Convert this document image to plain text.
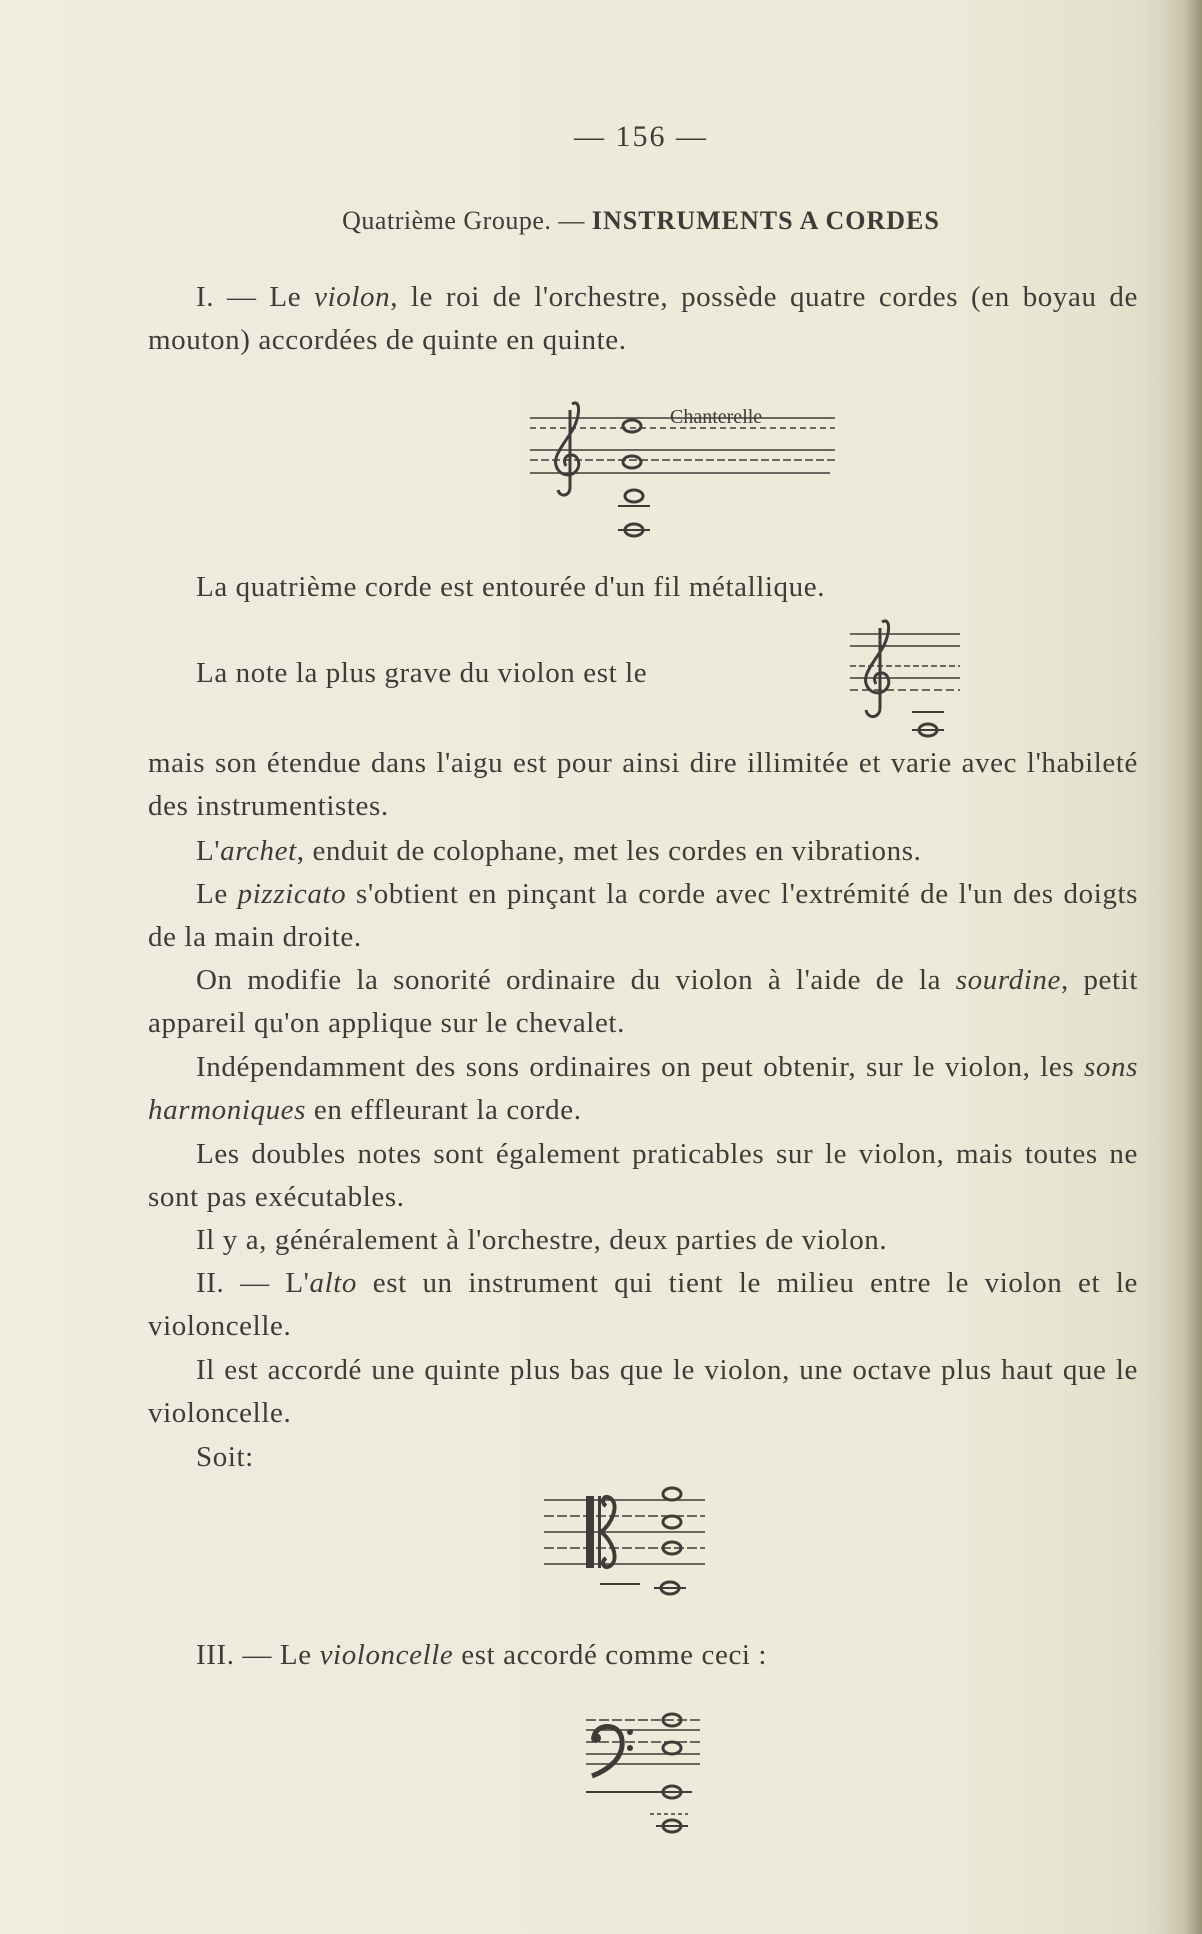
— 156 —
Quatrième Groupe. — INSTRUMENTS A CORDES

I. — Le violon, le roi de l'orchestre, possède quatre cordes (en boyau de mouton) accordées de quinte en quinte.

Chanterelle

La quatrième corde est entourée d'un fil métallique.

La note la plus grave du violon est le

mais son étendue dans l'aigu est pour ainsi dire illimitée et varie avec l'habileté des instrumentistes.

L'archet, enduit de colophane, met les cordes en vibrations.

Le pizzicato s'obtient en pinçant la corde avec l'extrémité de l'un des doigts de la main droite.

On modifie la sonorité ordinaire du violon à l'aide de la sourdine, petit appareil qu'on applique sur le chevalet.

Indépendamment des sons ordinaires on peut obtenir, sur le violon, les sons harmoniques en effleurant la corde.

Les doubles notes sont également praticables sur le violon, mais toutes ne sont pas exécutables.

Il y a, généralement à l'orchestre, deux parties de violon.

II. — L'alto est un instrument qui tient le milieu entre le violon et le violoncelle.

Il est accordé une quinte plus bas que le violon, une octave plus haut que le violoncelle.

Soit:

III. — Le violoncelle est accordé comme ceci :
